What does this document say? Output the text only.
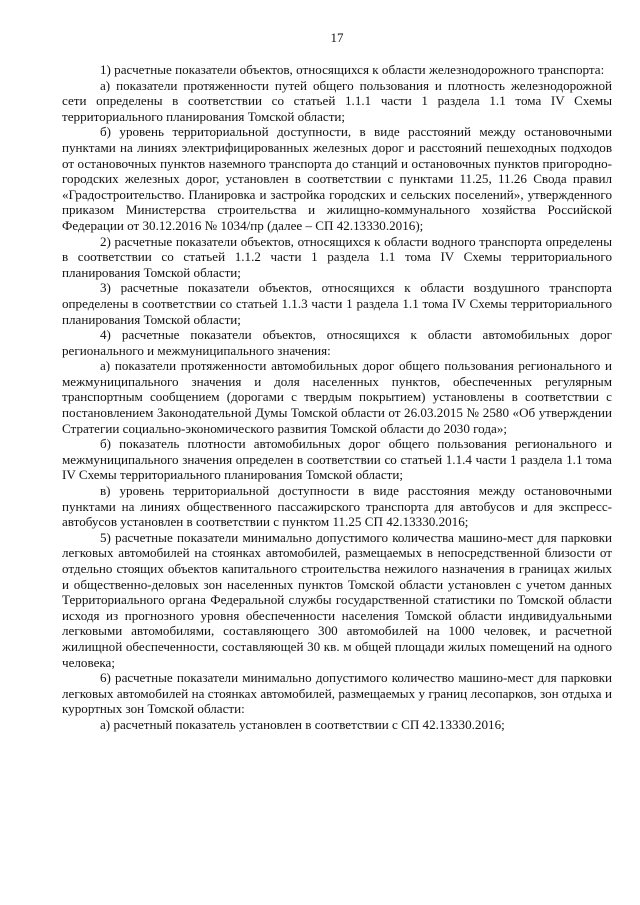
17

1) расчетные показатели объектов, относящихся к области железнодорожного транспорта:

а) показатели протяженности путей общего пользования и плотность железнодорожной сети определены в соответствии со статьей 1.1.1 части 1 раздела 1.1 тома IV Схемы территориального планирования Томской области;

б) уровень территориальной доступности, в виде расстояний между остановочными пунктами на линиях электрифицированных железных дорог и расстояний пешеходных подходов от остановочных пунктов наземного транспорта до станций и остановочных пунктов пригородно-городских железных дорог, установлен в соответствии с пунктами 11.25, 11.26 Свода правил «Градостроительство. Планировка и застройка городских и сельских поселений», утвержденного приказом Министерства строительства и жилищно-коммунального хозяйства Российской Федерации от 30.12.2016 № 1034/пр (далее – СП 42.13330.2016);

2) расчетные показатели объектов, относящихся к области водного транспорта определены в соответствии со статьей 1.1.2 части 1 раздела 1.1 тома IV Схемы территориального планирования Томской области;

3) расчетные показатели объектов, относящихся к области воздушного транспорта определены в соответствии со статьей 1.1.3 части 1 раздела 1.1 тома IV Схемы территориального планирования Томской области;

4) расчетные показатели объектов, относящихся к области автомобильных дорог регионального и межмуниципального значения:

а) показатели протяженности автомобильных дорог общего пользования регионального и межмуниципального значения и доля населенных пунктов, обеспеченных регулярным транспортным сообщением (дорогами с твердым покрытием) установлены в соответствии с постановлением Законодательной Думы Томской области от 26.03.2015 № 2580 «Об утверждении Стратегии социально-экономического развития Томской области до 2030 года»;

б) показатель плотности автомобильных дорог общего пользования регионального и межмуниципального значения определен в соответствии со статьей 1.1.4 части 1 раздела 1.1 тома IV Схемы территориального планирования Томской области;

в) уровень территориальной доступности в виде расстояния между остановочными пунктами на линиях общественного пассажирского транспорта для автобусов и для экспресс-автобусов установлен в соответствии с пунктом 11.25 СП 42.13330.2016;

5) расчетные показатели минимально допустимого количества машино-мест для парковки легковых автомобилей на стоянках автомобилей, размещаемых в непосредственной близости от отдельно стоящих объектов капитального строительства нежилого назначения в границах жилых и общественно-деловых зон населенных пунктов Томской области установлен с учетом данных Территориального органа Федеральной службы государственной статистики по Томской области исходя из прогнозного уровня обеспеченности населения Томской области индивидуальными легковыми автомобилями, составляющего 300 автомобилей на 1000 человек, и расчетной жилищной обеспеченности, составляющей 30 кв. м общей площади жилых помещений на одного человека;

6) расчетные показатели минимально допустимого количество машино-мест для парковки легковых автомобилей на стоянках автомобилей, размещаемых у границ лесопарков, зон отдыха и курортных зон Томской области:

а) расчетный показатель установлен в соответствии с СП 42.13330.2016;
